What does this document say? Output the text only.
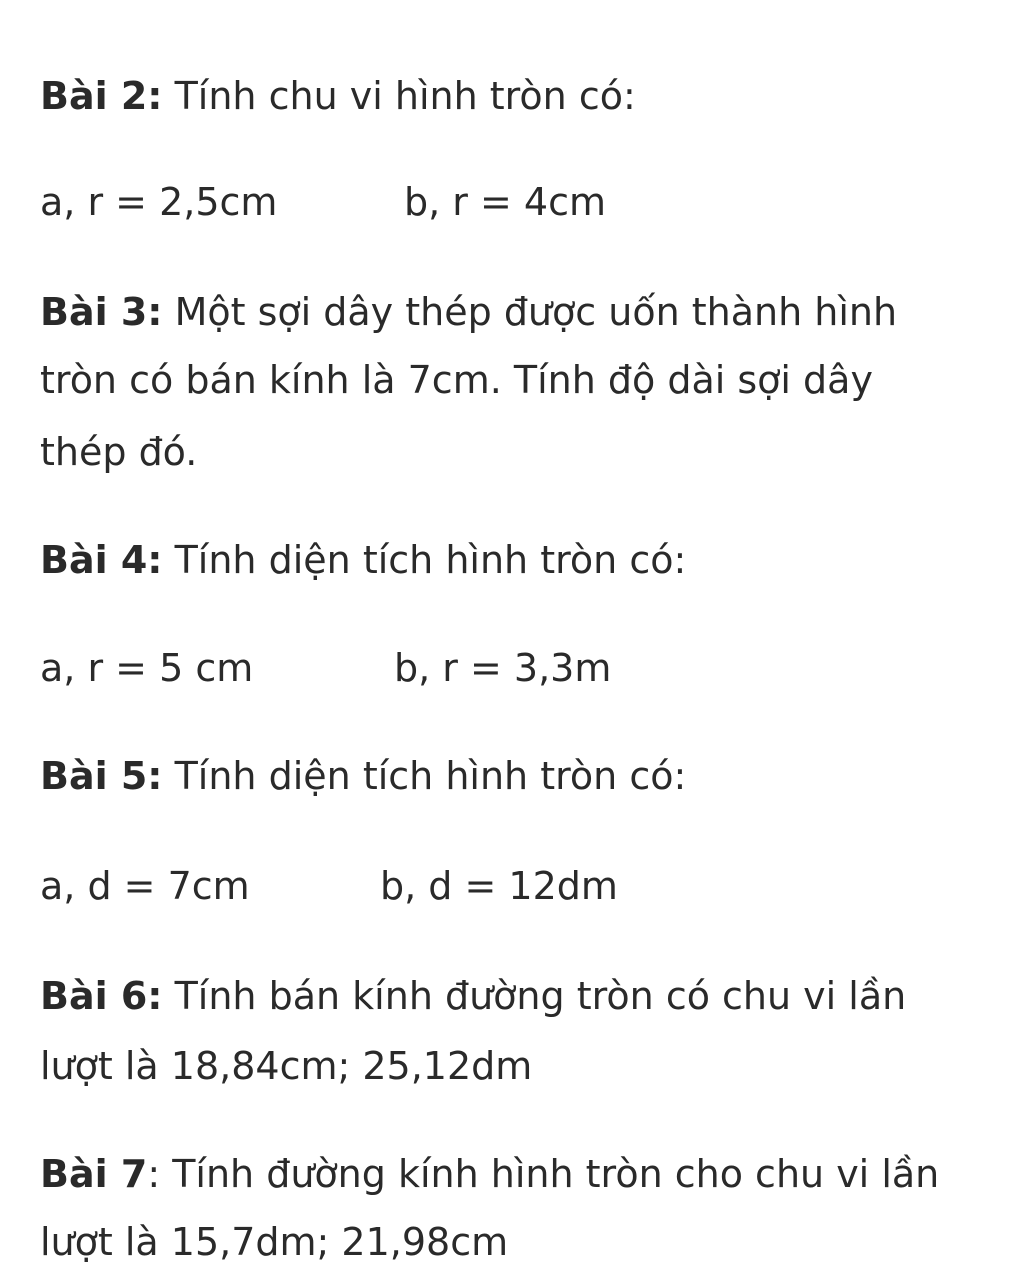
Bài 2: Tính chu vi hình tròn có:
a, r = 2,5cm	b, r = 4cm
Bài 3: Một sợi dây thép được uốn thành hình
tròn có bán kính là 7cm. Tính độ dài sợi dây
thép đó.
Bài 4: Tính diện tích hình tròn có:
a, r = 5 cm	b, r = 3,3m
Bài 5: Tính diện tích hình tròn có:
a, d = 7cm	b, d = 12dm
Bài 6: Tính bán kính đường tròn có chu vi lần
lượt là 18,84cm; 25,12dm
Bài 7: Tính đường kính hình tròn cho chu vi lần
lượt là 15,7dm; 21,98cm
